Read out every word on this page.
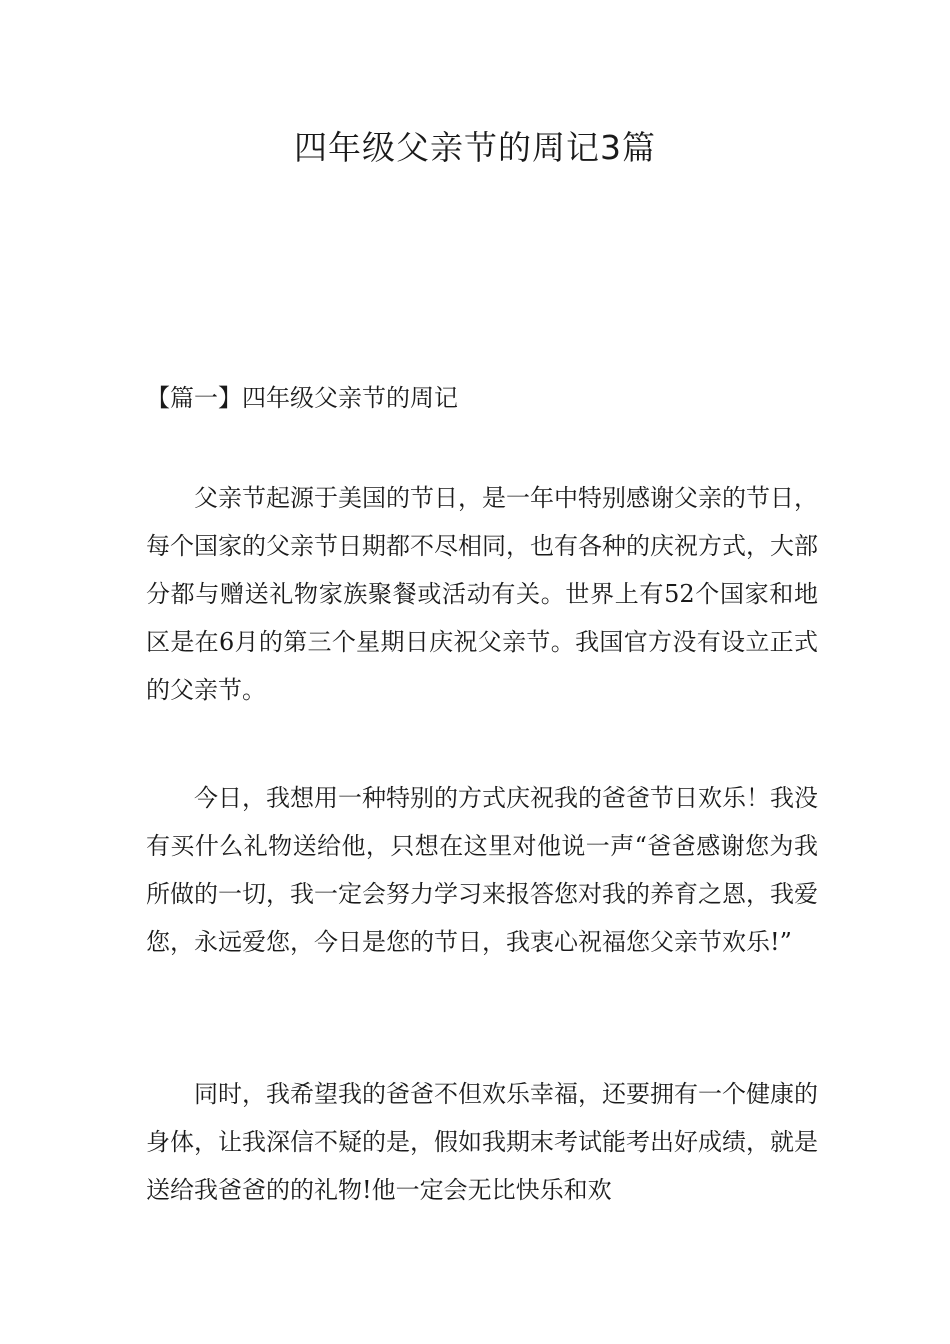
四年级父亲节的周记3篇
【篇一】四年级父亲节的周记

父亲节起源于美国的节日，是一年中特别感谢父亲的节日，每个国家的父亲节日期都不尽相同，也有各种的庆祝方式，大部分都与赠送礼物家族聚餐或活动有关。世界上有52个国家和地区是在6月的第三个星期日庆祝父亲节。我国官方没有设立正式的父亲节。

今日，我想用一种特别的方式庆祝我的爸爸节日欢乐！我没有买什么礼物送给他，只想在这里对他说一声“爸爸感谢您为我所做的一切，我一定会努力学习来报答您对我的养育之恩，我爱您，永远爱您，今日是您的节日，我衷心祝福您父亲节欢乐!”

同时，我希望我的爸爸不但欢乐幸福，还要拥有一个健康的身体，让我深信不疑的是，假如我期末考试能考出好成绩，就是送给我爸爸的的礼物!他一定会无比快乐和欢
